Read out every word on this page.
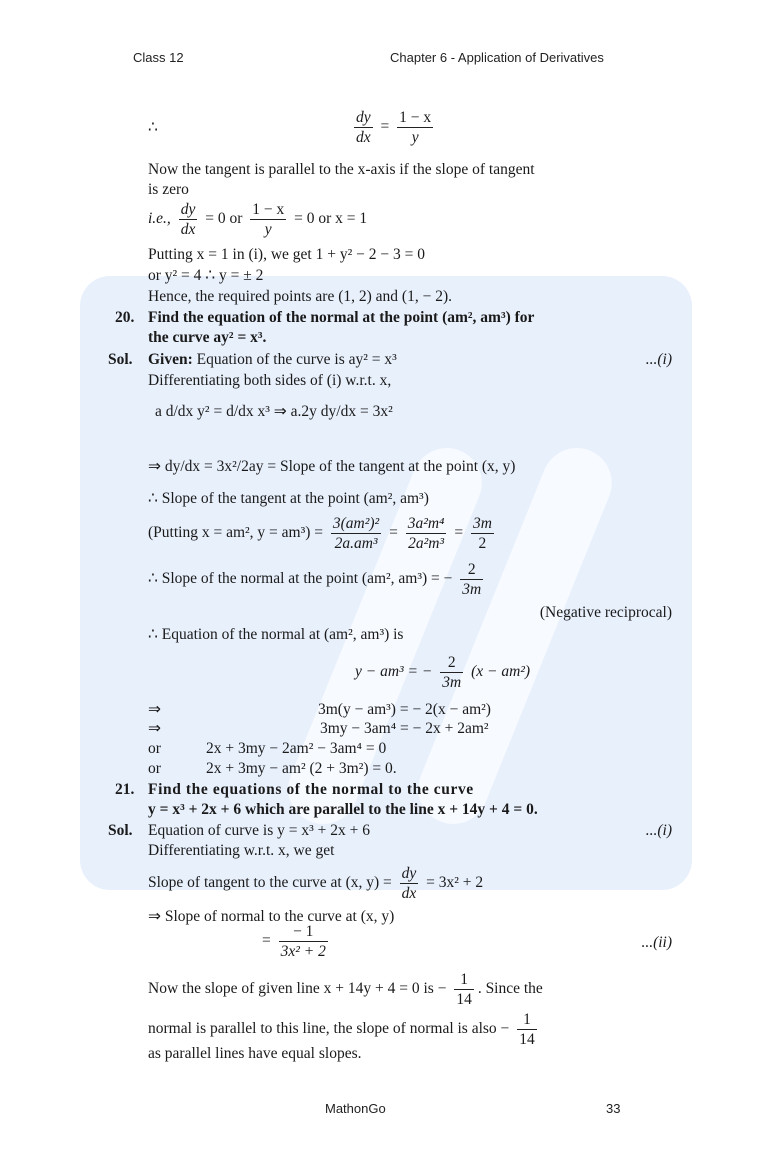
Class 12	Chapter 6 - Application of Derivatives
∴	$\frac{dy}{dx} = \frac{1 - x}{y}$
Now the tangent is parallel to the x-axis if the slope of tangent
is zero
i.e., $\frac{dy}{dx} = 0$ or $\frac{1 - x}{y} = 0$ or x = 1
Putting x = 1 in (i), we get 1 + y² − 2 − 3 = 0
or y² = 4 ∴ y = ± 2
Hence, the required points are (1, 2) and (1, − 2).
20. Find the equation of the normal at the point (am², am³) for
the curve ay² = x³.
Sol. Given: Equation of the curve is ay² = x³	...(i)
Differentiating both sides of (i) w.r.t. x,
a d/dx y² = d/dx x³ ⇒ a.2y dy/dx = 3x²
⇒ dy/dx = 3x²/2ay = Slope of the tangent at the point (x, y)
∴ Slope of the tangent at the point (am², am³)
(Putting x = am², $y = am^3) = \frac{\text{3(am²)²}}{\text{2a.am³}} = \frac{\text{3a²m⁴}}{\text{2a²m³}} = \frac{3m}{2}$
∴ Slope of the normal at the point (am², am³) = − $\frac{2}{3m}$
(Negative reciprocal)
∴ Equation of the normal at (am², am³) is
y − am³ = − $\frac{2}{3m} (x - am^2)$
⇒	3m(y − am³) = − 2(x − am²)
⇒	3my − 3am⁴ = − 2x + 2am²
or	2x + 3my − 2am² − 3am⁴ = 0
or	2x + 3my − am² (2 + 3m²) = 0.
21. Find the equations of the normal to the curve
y = x³ + 2x + 6 which are parallel to the line x + 14y + 4 = 0.
Sol. Equation of curve is y = x³ + 2x + 6	...(i)
Differentiating w.r.t. x, we get
Slope of tangent to the curve at (x, $y) = \frac{dy}{dx} = 3x^2 + 2$
⇒ Slope of normal to the curve at (x, y)
= $\frac{- 1}{\text{3x² + 2}}$	...(ii)
Now the slope of given line x + 14y + 4 = 0 is − $\frac{1}{14}$ . Since the
normal is parallel to this line, the slope of normal is also − $\frac{1}{14}$
as parallel lines have equal slopes.
MathonGo	33
